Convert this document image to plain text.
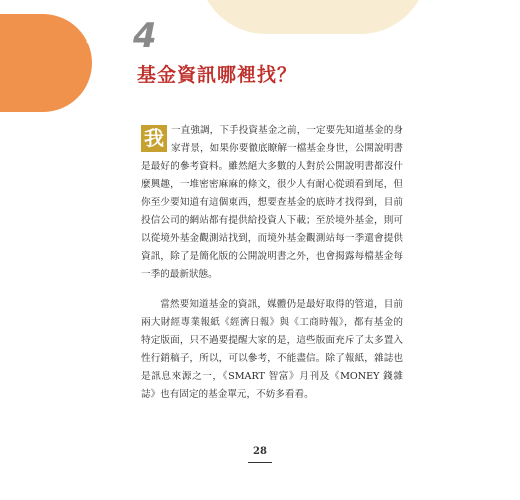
基礎入門 4
基金資訊哪裡找？

我 一直強調，下手投資基金之前，一定要先知道基金的身家背景，如果你要徹底瞭解一檔基金身世，公開說明書是最好的參考資料。雖然絕大多數的人對於公開說明書都沒什麼興趣，一堆密密麻麻的條文，很少人有耐心從頭看到尾，但你至少要知道有這個東西，想要查基金的底時才找得到，目前投信公司的網站都有提供給投資人下載；至於境外基金，則可以從境外基金觀測站找到，而境外基金觀測站每一季還會提供資訊，除了是簡化版的公開說明書之外，也會揭露每檔基金每一季的最新狀態。

當然要知道基金的資訊，媒體仍是最好取得的管道，目前兩大財經專業報紙《經濟日報》與《工商時報》，都有基金的特定版面，只不過要提醒大家的是，這些版面充斥了太多置入性行銷稿子，所以，可以參考，不能盡信。除了報紙，雜誌也是訊息來源之一，《SMART 智富》月刊及《MONEY 錢雜誌》也有固定的基金單元，不妨多看看。

28
